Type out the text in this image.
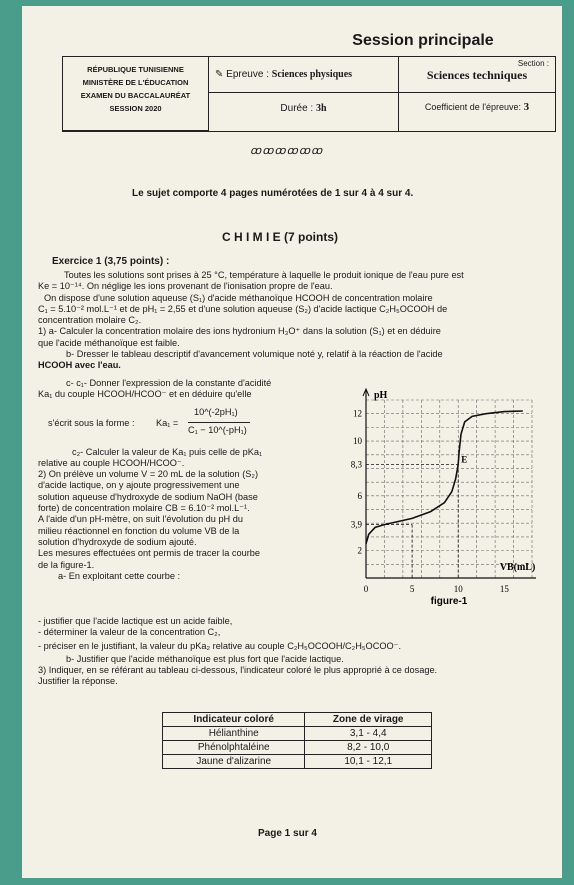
Session principale
RÉPUBLIQUE TUNISIENNE
MINISTÈRE DE L'ÉDUCATION
EXAMEN DU BACCALAURÉAT
SESSION 2020
✎ Epreuve : Sciences physiques
Section :
Sciences techniques
Durée : 3h	Coefficient de l'épreuve: 3
ꝏꝏꝏꝏꝏꝏ
Le sujet comporte 4 pages numérotées de 1 sur 4 à 4 sur 4.
C H I M I E (7 points)
Exercice 1 (3,75 points) :
Toutes les solutions sont prises à 25 °C, température à laquelle le produit ionique de l'eau pure est
Ke = 10⁻¹⁴. On néglige les ions provenant de l'ionisation propre de l'eau.
On dispose d'une solution aqueuse (S₁) d'acide méthanoïque HCOOH de concentration molaire
C₁ = 5.10⁻² mol.L⁻¹ et de pH₁ = 2,55 et d'une solution aqueuse (S₂) d'acide lactique C₂H₅OCOOH de
concentration molaire C₂.
1) a- Calculer la concentration molaire des ions hydronium H₃O⁺ dans la solution (S₁) et en déduire
que l'acide méthanoïque est faible.
b- Dresser le tableau descriptif d'avancement volumique noté y, relatif à la réaction de l'acide
HCOOH avec l'eau.
c- c₁- Donner l'expression de la constante d'acidité
Ka₁ du couple HCOOH/HCOO⁻ et en déduire qu'elle
s'écrit sous la forme : Ka₁ =
10^(-2pH₁)
C₁ − 10^(-pH₁)
c₂- Calculer la valeur de Ka₁ puis celle de pKa₁
relative au couple HCOOH/HCOO⁻.
2) On prélève un volume V = 20 mL de la solution (S₂)
d'acide lactique, on y ajoute progressivement une
solution aqueuse d'hydroxyde de sodium NaOH (base
forte) de concentration molaire CB = 6.10⁻² mol.L⁻¹.
A l'aide d'un pH-mètre, on suit l'évolution du pH du
milieu réactionnel en fonction du volume VB de la
solution d'hydroxyde de sodium ajouté.
Les mesures effectuées ont permis de tracer la courbe
de la figure-1.
a- En exploitant cette courbe :
pH
VB(mL)
0	5	10	15
2
3,9
6
8,3
10
12
E
figure-1
- justifier que l'acide lactique est un acide faible,
- déterminer la valeur de la concentration C₂,
- préciser en le justifiant, la valeur du pKa₂ relative au couple C₂H₅OCOOH/C₂H₅OCOO⁻.
b- Justifier que l'acide méthanoïque est plus fort que l'acide lactique.
3) Indiquer, en se référant au tableau ci-dessous, l'indicateur coloré le plus approprié à ce dosage.
Justifier la réponse.
Indicateur coloré	Zone de virage
Hélianthine	3,1 - 4,4
Phénolphtaléine	8,2 - 10,0
Jaune d'alizarine	10,1 - 12,1
Page 1 sur 4
